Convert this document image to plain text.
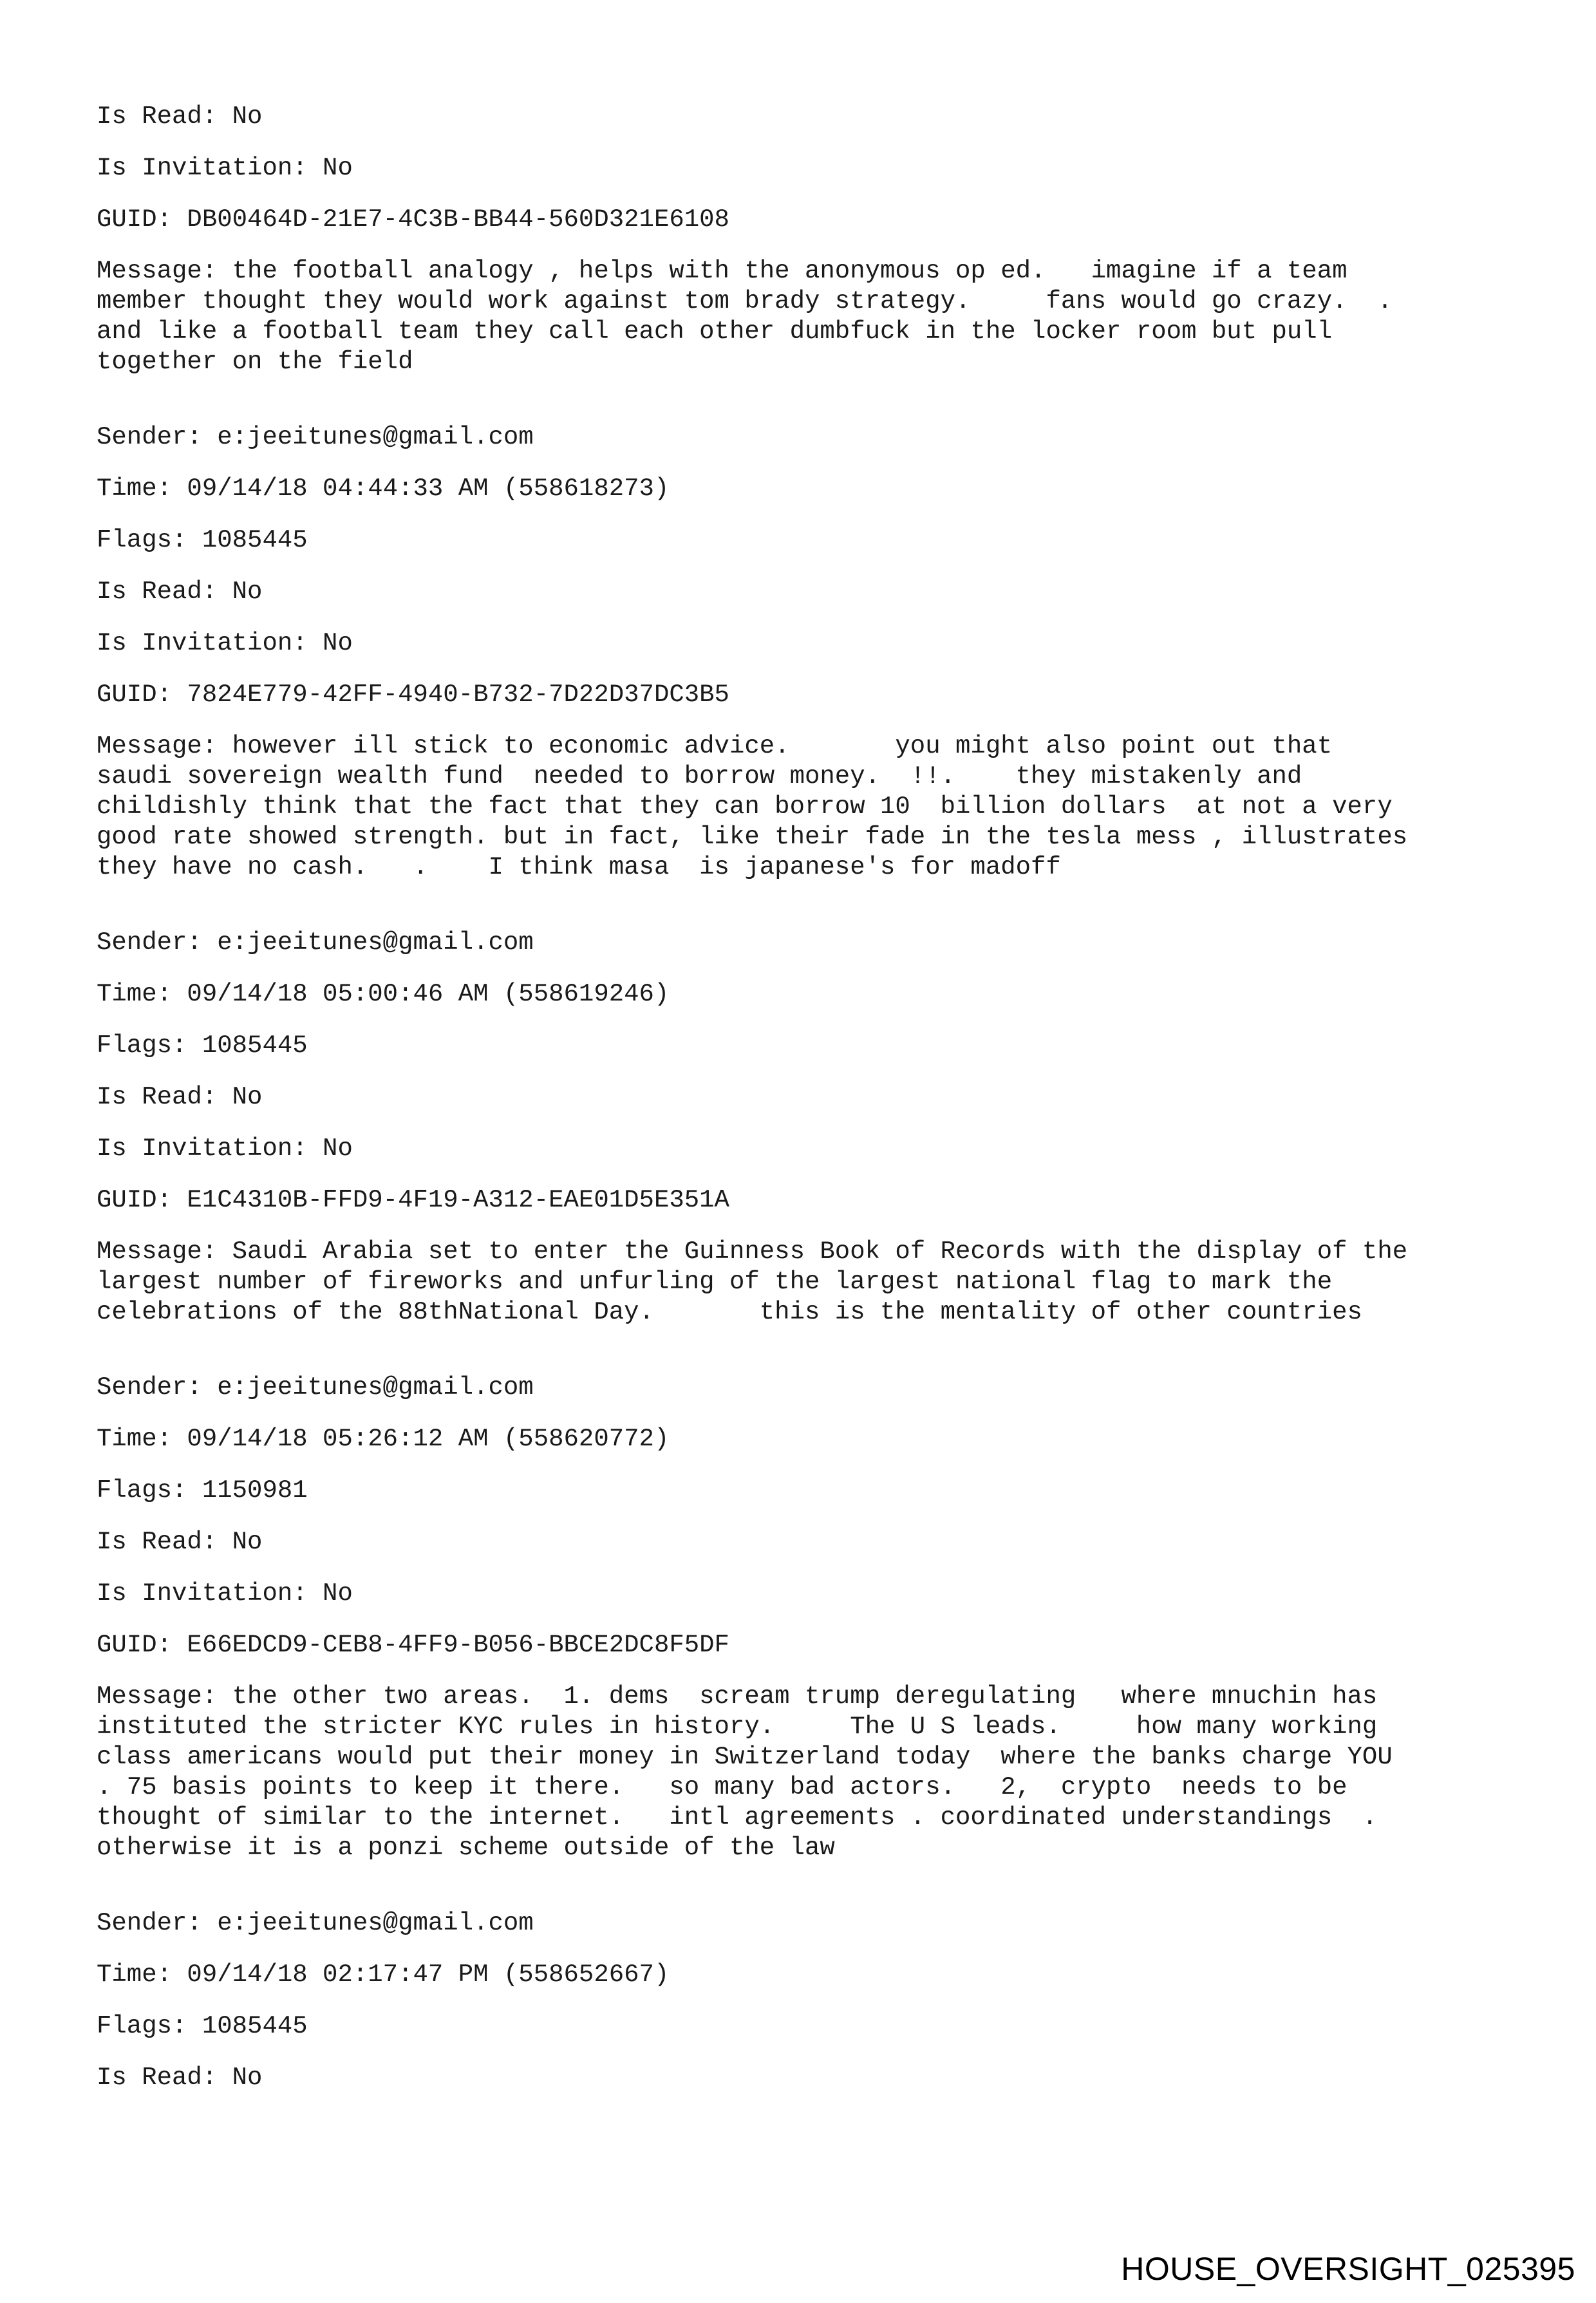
Is Read: No
Is Invitation: No
GUID: DB00464D-21E7-4C3B-BB44-560D321E6108
Message: the football analogy , helps with the anonymous op ed.   imagine if a team
member thought they would work against tom brady strategy.     fans would go crazy.  .
and like a football team they call each other dumbfuck in the locker room but pull
together on the field
Sender: e:jeeitunes@gmail.com
Time: 09/14/18 04:44:33 AM (558618273)
Flags: 1085445
Is Read: No
Is Invitation: No
GUID: 7824E779-42FF-4940-B732-7D22D37DC3B5
Message: however ill stick to economic advice.       you might also point out that
saudi sovereign wealth fund  needed to borrow money.  !!.    they mistakenly and
childishly think that the fact that they can borrow 10  billion dollars  at not a very
good rate showed strength. but in fact, like their fade in the tesla mess , illustrates
they have no cash.   .    I think masa  is japanese's for madoff
Sender: e:jeeitunes@gmail.com
Time: 09/14/18 05:00:46 AM (558619246)
Flags: 1085445
Is Read: No
Is Invitation: No
GUID: E1C4310B-FFD9-4F19-A312-EAE01D5E351A
Message: Saudi Arabia set to enter the Guinness Book of Records with the display of the
largest number of fireworks and unfurling of the largest national flag to mark the
celebrations of the 88thNational Day.       this is the mentality of other countries
Sender: e:jeeitunes@gmail.com
Time: 09/14/18 05:26:12 AM (558620772)
Flags: 1150981
Is Read: No
Is Invitation: No
GUID: E66EDCD9-CEB8-4FF9-B056-BBCE2DC8F5DF
Message: the other two areas.  1. dems  scream trump deregulating   where mnuchin has
instituted the stricter KYC rules in history.     The U S leads.     how many working
class americans would put their money in Switzerland today  where the banks charge YOU
. 75 basis points to keep it there.   so many bad actors.   2,  crypto  needs to be
thought of similar to the internet.   intl agreements . coordinated understandings  .
otherwise it is a ponzi scheme outside of the law
Sender: e:jeeitunes@gmail.com
Time: 09/14/18 02:17:47 PM (558652667)
Flags: 1085445
Is Read: No
HOUSE_OVERSIGHT_025395
